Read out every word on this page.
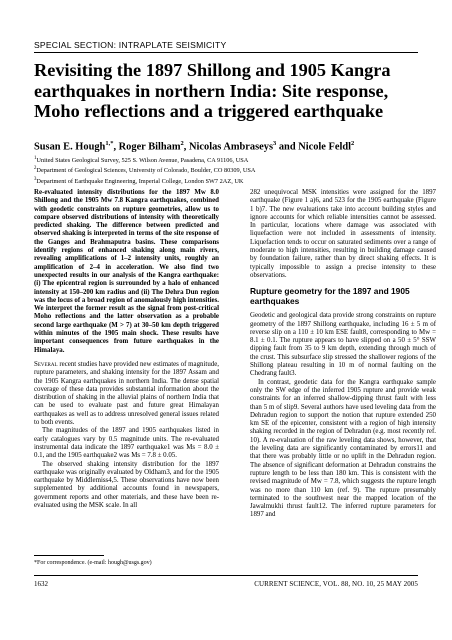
SPECIAL SECTION: INTRAPLATE SEISMICITY
Revisiting the 1897 Shillong and 1905 Kangra earthquakes in northern India: Site response, Moho reflections and a triggered earthquake
Susan E. Hough$^{1,*}$, Roger Bilham$^2$, Nicolas Ambraseys$^3$ and Nicole Feldl$^2$
$^1$United States Geological Survey, 525 S. Wilson Avenue, Pasadena, CA 91106, USA
$^2$Department of Geological Sciences, University of Colorado, Boulder, CO 80309, USA
$^3$Department of Earthquake Engineering, Imperial College, London SW7 2AZ, UK

Re-evaluated intensity distributions for the 1897 Mw 8.0 Shillong and the 1905 Mw 7.8 Kangra earthquakes, combined with geodetic constraints on rupture geometries, allow us to compare observed distributions of intensity with theoretically predicted shaking. The difference between predicted and observed shaking is interpreted in terms of the site response of the Ganges and Brahmaputra basins. These comparisons identify regions of enhanced shaking along main rivers, revealing amplifications of 1–2 intensity units, roughly an amplification of 2–4 in acceleration. We also find two unexpected results in our analysis of the Kangra earthquake: (i) The epicentral region is surrounded by a halo of enhanced intensity at 150–200 km radius and (ii) The Dehra Dun region was the locus of a broad region of anomalously high intensities. We interpret the former result as the signal from post-critical Moho reflections and the latter observation as a probable second large earthquake (M > 7) at 30–50 km depth triggered within minutes of the 1905 main shock. These results have important consequences from future earthquakes in the Himalaya.

Several recent studies have provided new estimates of magnitude, rupture parameters, and shaking intensity for the 1897 Assam and the 1905 Kangra earthquakes in northern India. The dense spatial coverage of these data provides substantial information about the distribution of shaking in the alluvial plains of northern India that can be used to evaluate past and future great Himalayan earthquakes as well as to address unresolved general issues related to both events.

The magnitudes of the 1897 and 1905 earthquakes listed in early catalogues vary by 0.5 magnitude units. The re-evaluated instrumental data indicate the 1897 earthquake1 was Ms = 8.0 ± 0.1, and the 1905 earthquake2 was Ms = 7.8 ± 0.05.

The observed shaking intensity distribution for the 1897 earthquake was originally evaluated by Oldham3, and for the 1905 earthquake by Middlemiss4,5. These observations have now been supplemented by additional accounts found in newspapers, government reports and other materials, and these have been re-evaluated using the MSK scale. In all

282 unequivocal MSK intensities were assigned for the 1897 earthquake (Figure 1 a)6, and 523 for the 1905 earthquake (Figure 1 b)7. The new evaluations take into account building styles and ignore accounts for which reliable intensities cannot be assessed. In particular, locations where damage was associated with liquefaction were not included in assessments of intensity. Liquefaction tends to occur on saturated sediments over a range of moderate to high intensities, resulting in building damage caused by foundation failure, rather than by direct shaking effects. It is typically impossible to assign a precise intensity to these observations.

Rupture geometry for the 1897 and 1905 earthquakes

Geodetic and geological data provide strong constraints on rupture geometry of the 1897 Shillong earthquake, including 16 ± 5 m of reverse slip on a 110 ± 10 km ESE fault8, corresponding to Mw = 8.1 ± 0.1. The rupture appears to have slipped on a 50 ± 5° SSW dipping fault from 35 to 9 km depth, extending through much of the crust. This subsurface slip stressed the shallower regions of the Shillong plateau resulting in 10 m of normal faulting on the Chedrang fault3.

In contrast, geodetic data for the Kangra earthquake sample only the SW edge of the inferred 1905 rupture and provide weak constraints for an inferred shallow-dipping thrust fault with less than 5 m of slip9. Several authors have used leveling data from the Dehradun region to support the notion that rupture extended 250 km SE of the epicenter, consistent with a region of high intensity shaking recorded in the region of Dehradun (e.g. most recently ref. 10). A re-evaluation of the raw leveling data shows, however, that the leveling data are significantly contaminated by errors11 and that there was probably little or no uplift in the Dehradun region. The absence of significant deformation at Dehradun constrains the rupture length to be less than 180 km. This is consistent with the revised magnitude of Mw = 7.8, which suggests the rupture length was no more than 110 km (ref. 9). The rupture presumably terminated to the southwest near the mapped location of the Jawalmukhi thrust fault12. The inferred rupture parameters for 1897 and

*For correspondence. (e-mail: hough@usgs.gov)
1632	CURRENT SCIENCE, VOL. 88, NO. 10, 25 MAY 2005
